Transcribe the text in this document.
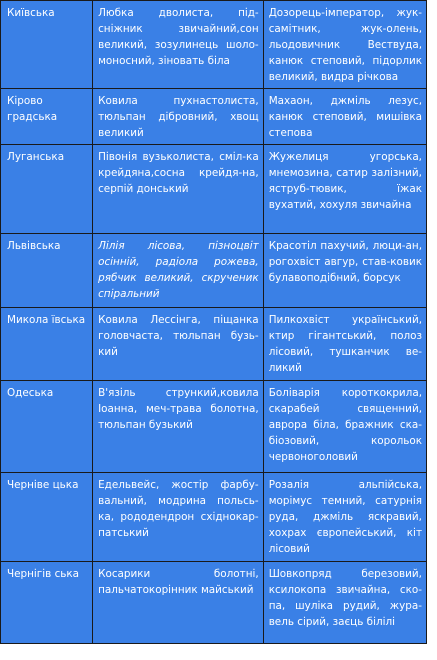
Київська	Любка дволиста, під-сніжник звичайний,сон великий, зозулинець шоло-моносний, зіновать біла	Дозорець-імператор, жук-самітник, жук-олень, льодовичник Вествуда, канюк степовий, підорлик великий, видра річкова
Кірово градська	Ковила пухнастолиста, тюльпан дібровний, хвощ великий	Махаон, джміль лезус, канюк степовий, мишівка степова
Луганська	Півонія вузьколиста, сміл-ка крейдяна,сосна крейдя-на, серпій донський	Жужелиця угорська, мнемозина, сатир залізний, яструб-тювик, їжак вухатий, хохуля звичайна
Львівська	Лілія лісова, пізноцвіт осінній, радіола рожева, рябчик великий, скрученик спіральний	Красотіл пахучий, люци-ан, рогохвіст авгур, став-ковик булавоподібний, борсук
Микола ївська	Ковила Лессінга, піщанка головчаста, тюльпан бузь-кий	Пилкохвіст український, ктир гігантський, полоз лісовий, тушканчик ве-ликий
Одеська	В'язіль стрункий,ковила Іоанна, меч-трава болотна, тюльпан бузький	Боліварія короткокрила, скарабей священний, аврора біла, бражник ска-біозовий, корольок червоноголовий
Черніве цька	Едельвейс, жостір фарбу-вальний, модрина польсь-ка, рододендрон східнокар-патський	Розалія альпійська, морімус темний, сатурнія руда, джміль яскравий, хохрах європейський, кіт лісовий
Чернігів ська	Косарики болотні, пальчатокорінник майський	Шовкопряд березовий, ксилокопа звичайна, ско-па, шуліка рудий, жура-вель сірий, заєць білілі
